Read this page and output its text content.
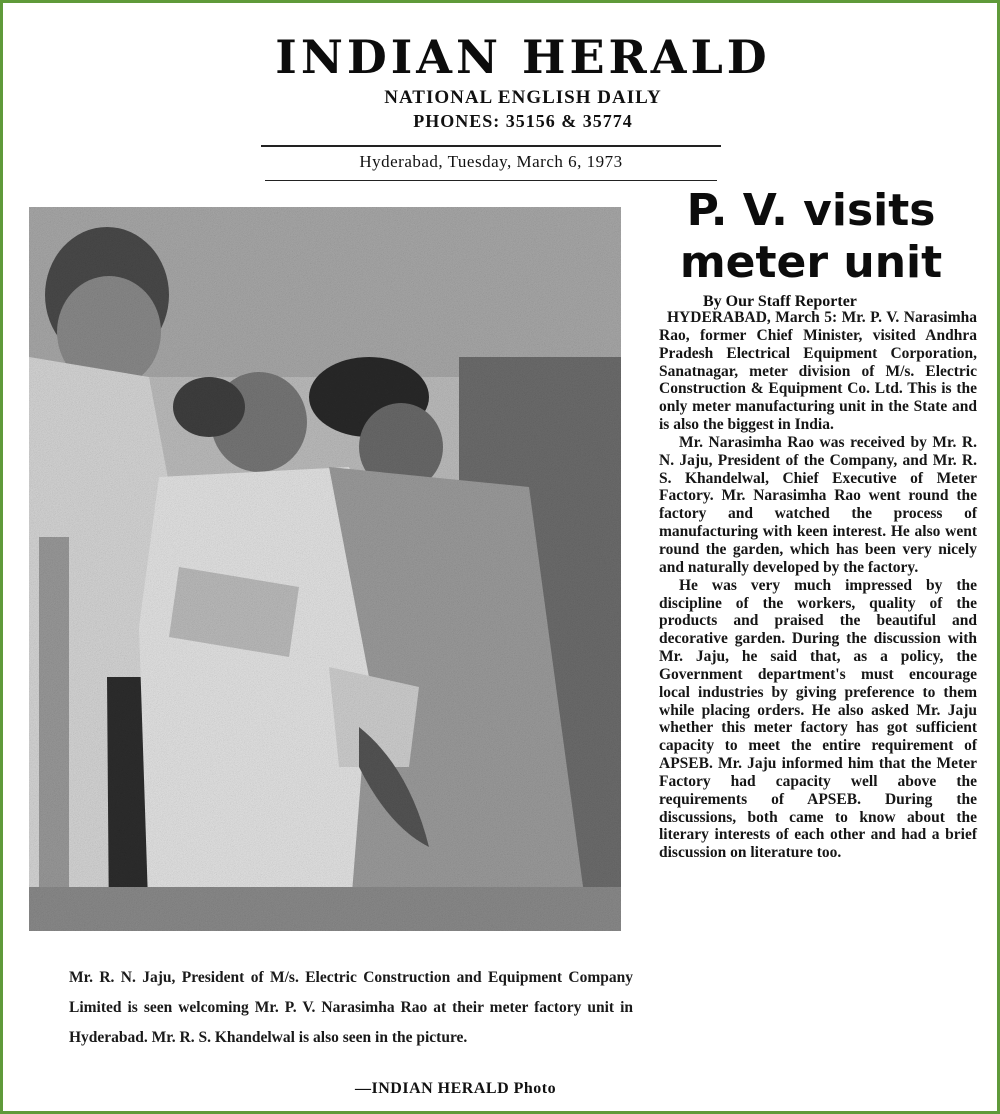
INDIAN HERALD
NATIONAL ENGLISH DAILY
PHONES: 35156 & 35774
Hyderabad, Tuesday, March 6, 1973
Mr. R. N. Jaju, President of M/s. Electric Construction and Equipment Company Limited is seen welcoming Mr. P. V. Narasimha Rao at their meter factory unit in Hyderabad. Mr. R. S. Khandelwal is also seen in the picture.
—INDIAN HERALD Photo
P. V. visits
meter unit
By Our Staff Reporter

HYDERABAD, March 5: Mr. P. V. Narasimha Rao, former Chief Minister, visited Andhra Pradesh Electrical Equipment Corporation, Sanatnagar, meter division of M/s. Electric Construction & Equipment Co. Ltd. This is the only meter manufacturing unit in the State and is also the biggest in India.

Mr. Narasimha Rao was received by Mr. R. N. Jaju, President of the Company, and Mr. R. S. Khandelwal, Chief Executive of Meter Factory. Mr. Narasimha Rao went round the factory and watched the process of manufacturing with keen interest. He also went round the garden, which has been very nicely and naturally developed by the factory.

He was very much impressed by the discipline of the workers, quality of the products and praised the beautiful and decorative garden. During the discussion with Mr. Jaju, he said that, as a policy, the Government department's must encourage local industries by giving preference to them while placing orders. He also asked Mr. Jaju whether this meter factory has got sufficient capacity to meet the entire requirement of APSEB. Mr. Jaju informed him that the Meter Factory had capacity well above the requirements of APSEB. During the discussions, both came to know about the literary interests of each other and had a brief discussion on literature too.
